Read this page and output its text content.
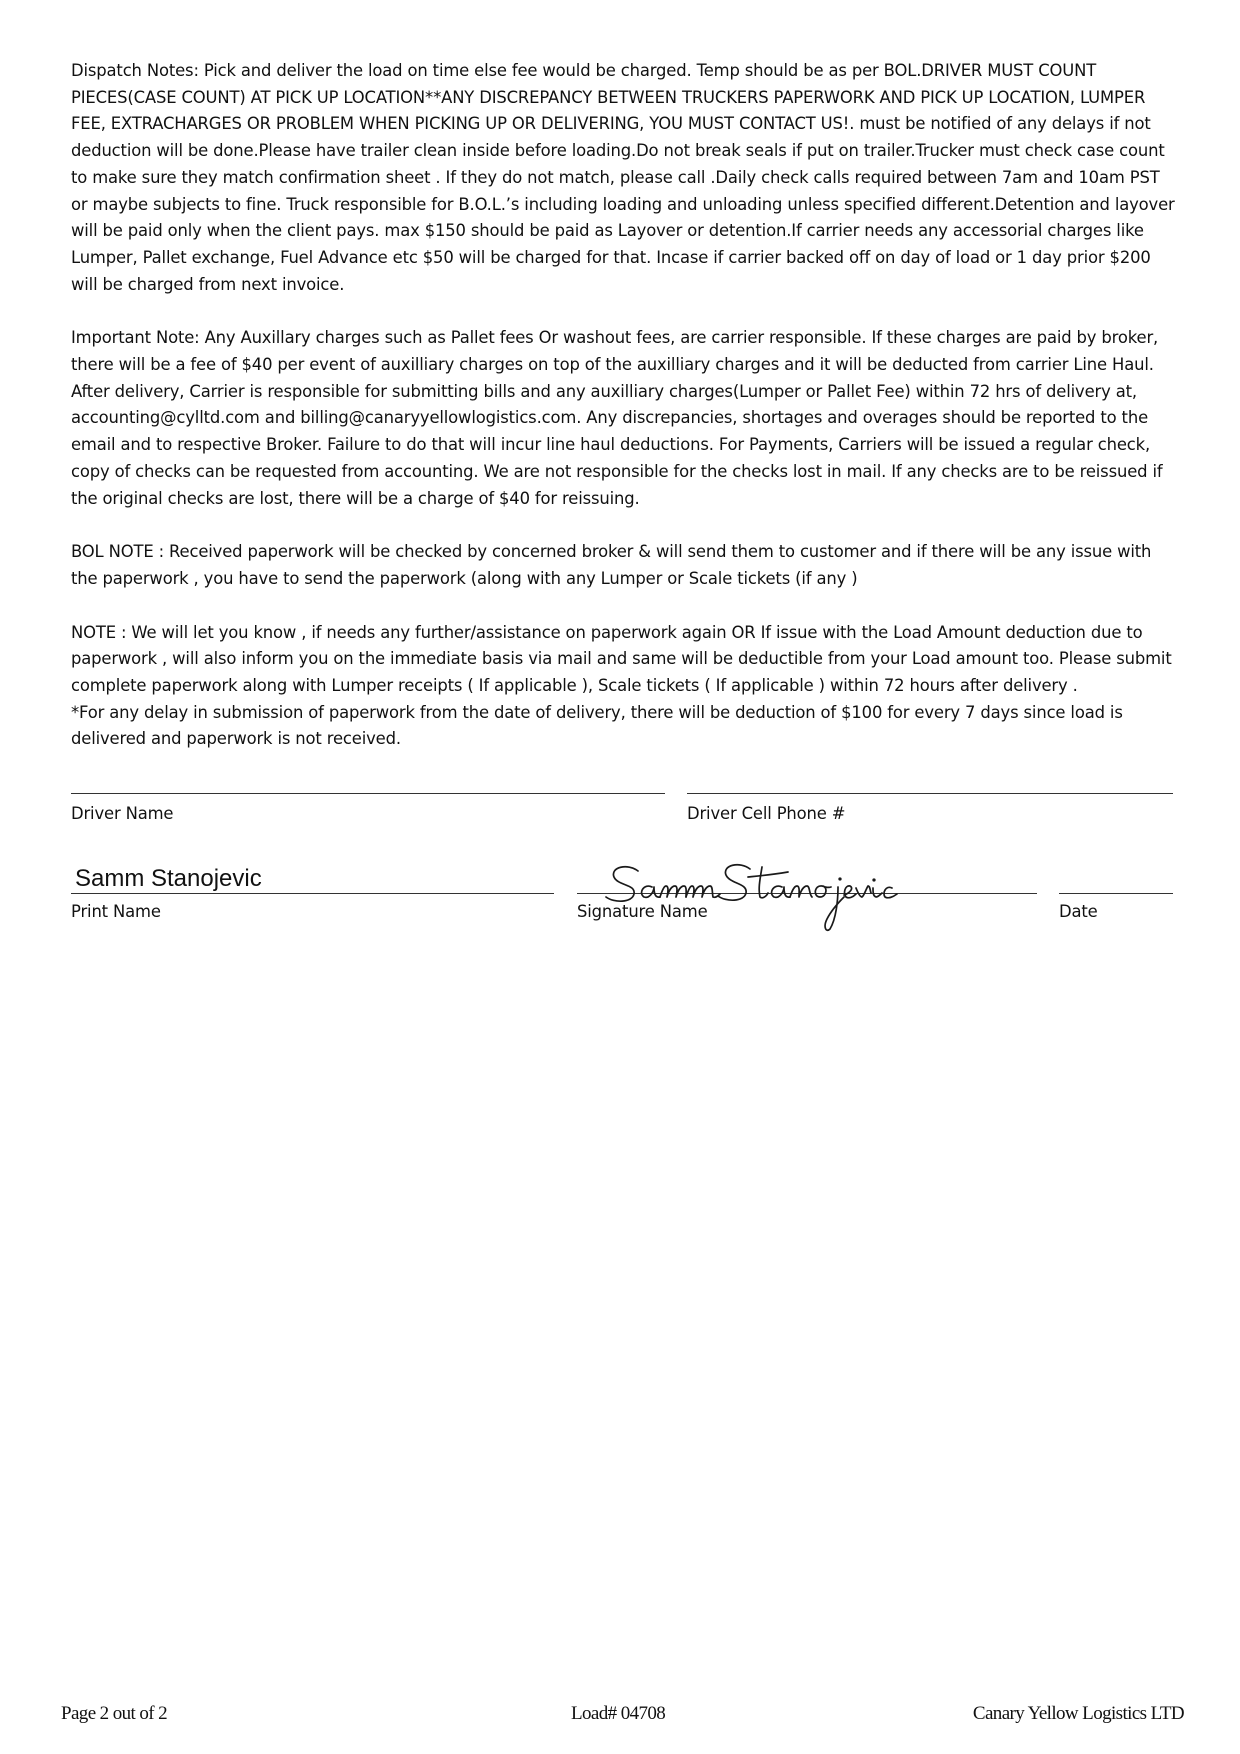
Dispatch Notes: Pick and deliver the load on time else fee would be charged. Temp should be as per BOL.DRIVER MUST COUNT PIECES(CASE COUNT) AT PICK UP LOCATION**ANY DISCREPANCY BETWEEN TRUCKERS PAPERWORK AND PICK UP LOCATION, LUMPER FEE, EXTRACHARGES OR PROBLEM WHEN PICKING UP OR DELIVERING, YOU MUST CONTACT US!. must be notified of any delays if not deduction will be done.Please have trailer clean inside before loading.Do not break seals if put on trailer.Trucker must check case count to make sure they match confirmation sheet . If they do not match, please call .Daily check calls required between 7am and 10am PST or maybe subjects to fine. Truck responsible for B.O.L.’s including loading and unloading unless specified different.Detention and layover will be paid only when the client pays. max $150 should be paid as Layover or detention.If carrier needs any accessorial charges like Lumper, Pallet exchange, Fuel Advance etc $50 will be charged for that. Incase if carrier backed off on day of load or 1 day prior $200 will be charged from next invoice.

Important Note: Any Auxillary charges such as Pallet fees Or washout fees, are carrier responsible. If these charges are paid by broker, there will be a fee of $40 per event of auxilliary charges on top of the auxilliary charges and it will be deducted from carrier Line Haul. After delivery, Carrier is responsible for submitting bills and any auxilliary charges(Lumper or Pallet Fee) within 72 hrs of delivery at, accounting@cylltd.com and billing@canaryyellowlogistics.com. Any discrepancies, shortages and overages should be reported to the email and to respective Broker. Failure to do that will incur line haul deductions. For Payments, Carriers will be issued a regular check, copy of checks can be requested from accounting. We are not responsible for the checks lost in mail. If any checks are to be reissued if the original checks are lost, there will be a charge of $40 for reissuing.

BOL NOTE : Received paperwork will be checked by concerned broker & will send them to customer and if there will be any issue with the paperwork , you have to send the paperwork (along with any Lumper or Scale tickets (if any )

NOTE : We will let you know , if needs any further/assistance on paperwork again OR If issue with the Load Amount deduction due to paperwork , will also inform you on the immediate basis via mail and same will be deductible from your Load amount too. Please submit complete paperwork along with Lumper receipts ( If applicable ), Scale tickets ( If applicable ) within 72 hours after delivery .

*For any delay in submission of paperwork from the date of delivery, there will be deduction of $100 for every 7 days since load is delivered and paperwork is not received.

Driver Name	Driver Cell Phone #
Samm Stanojevic
Print Name	Signature Name	Date
Page 2 out of 2	Load# 04708	Canary Yellow Logistics LTD
